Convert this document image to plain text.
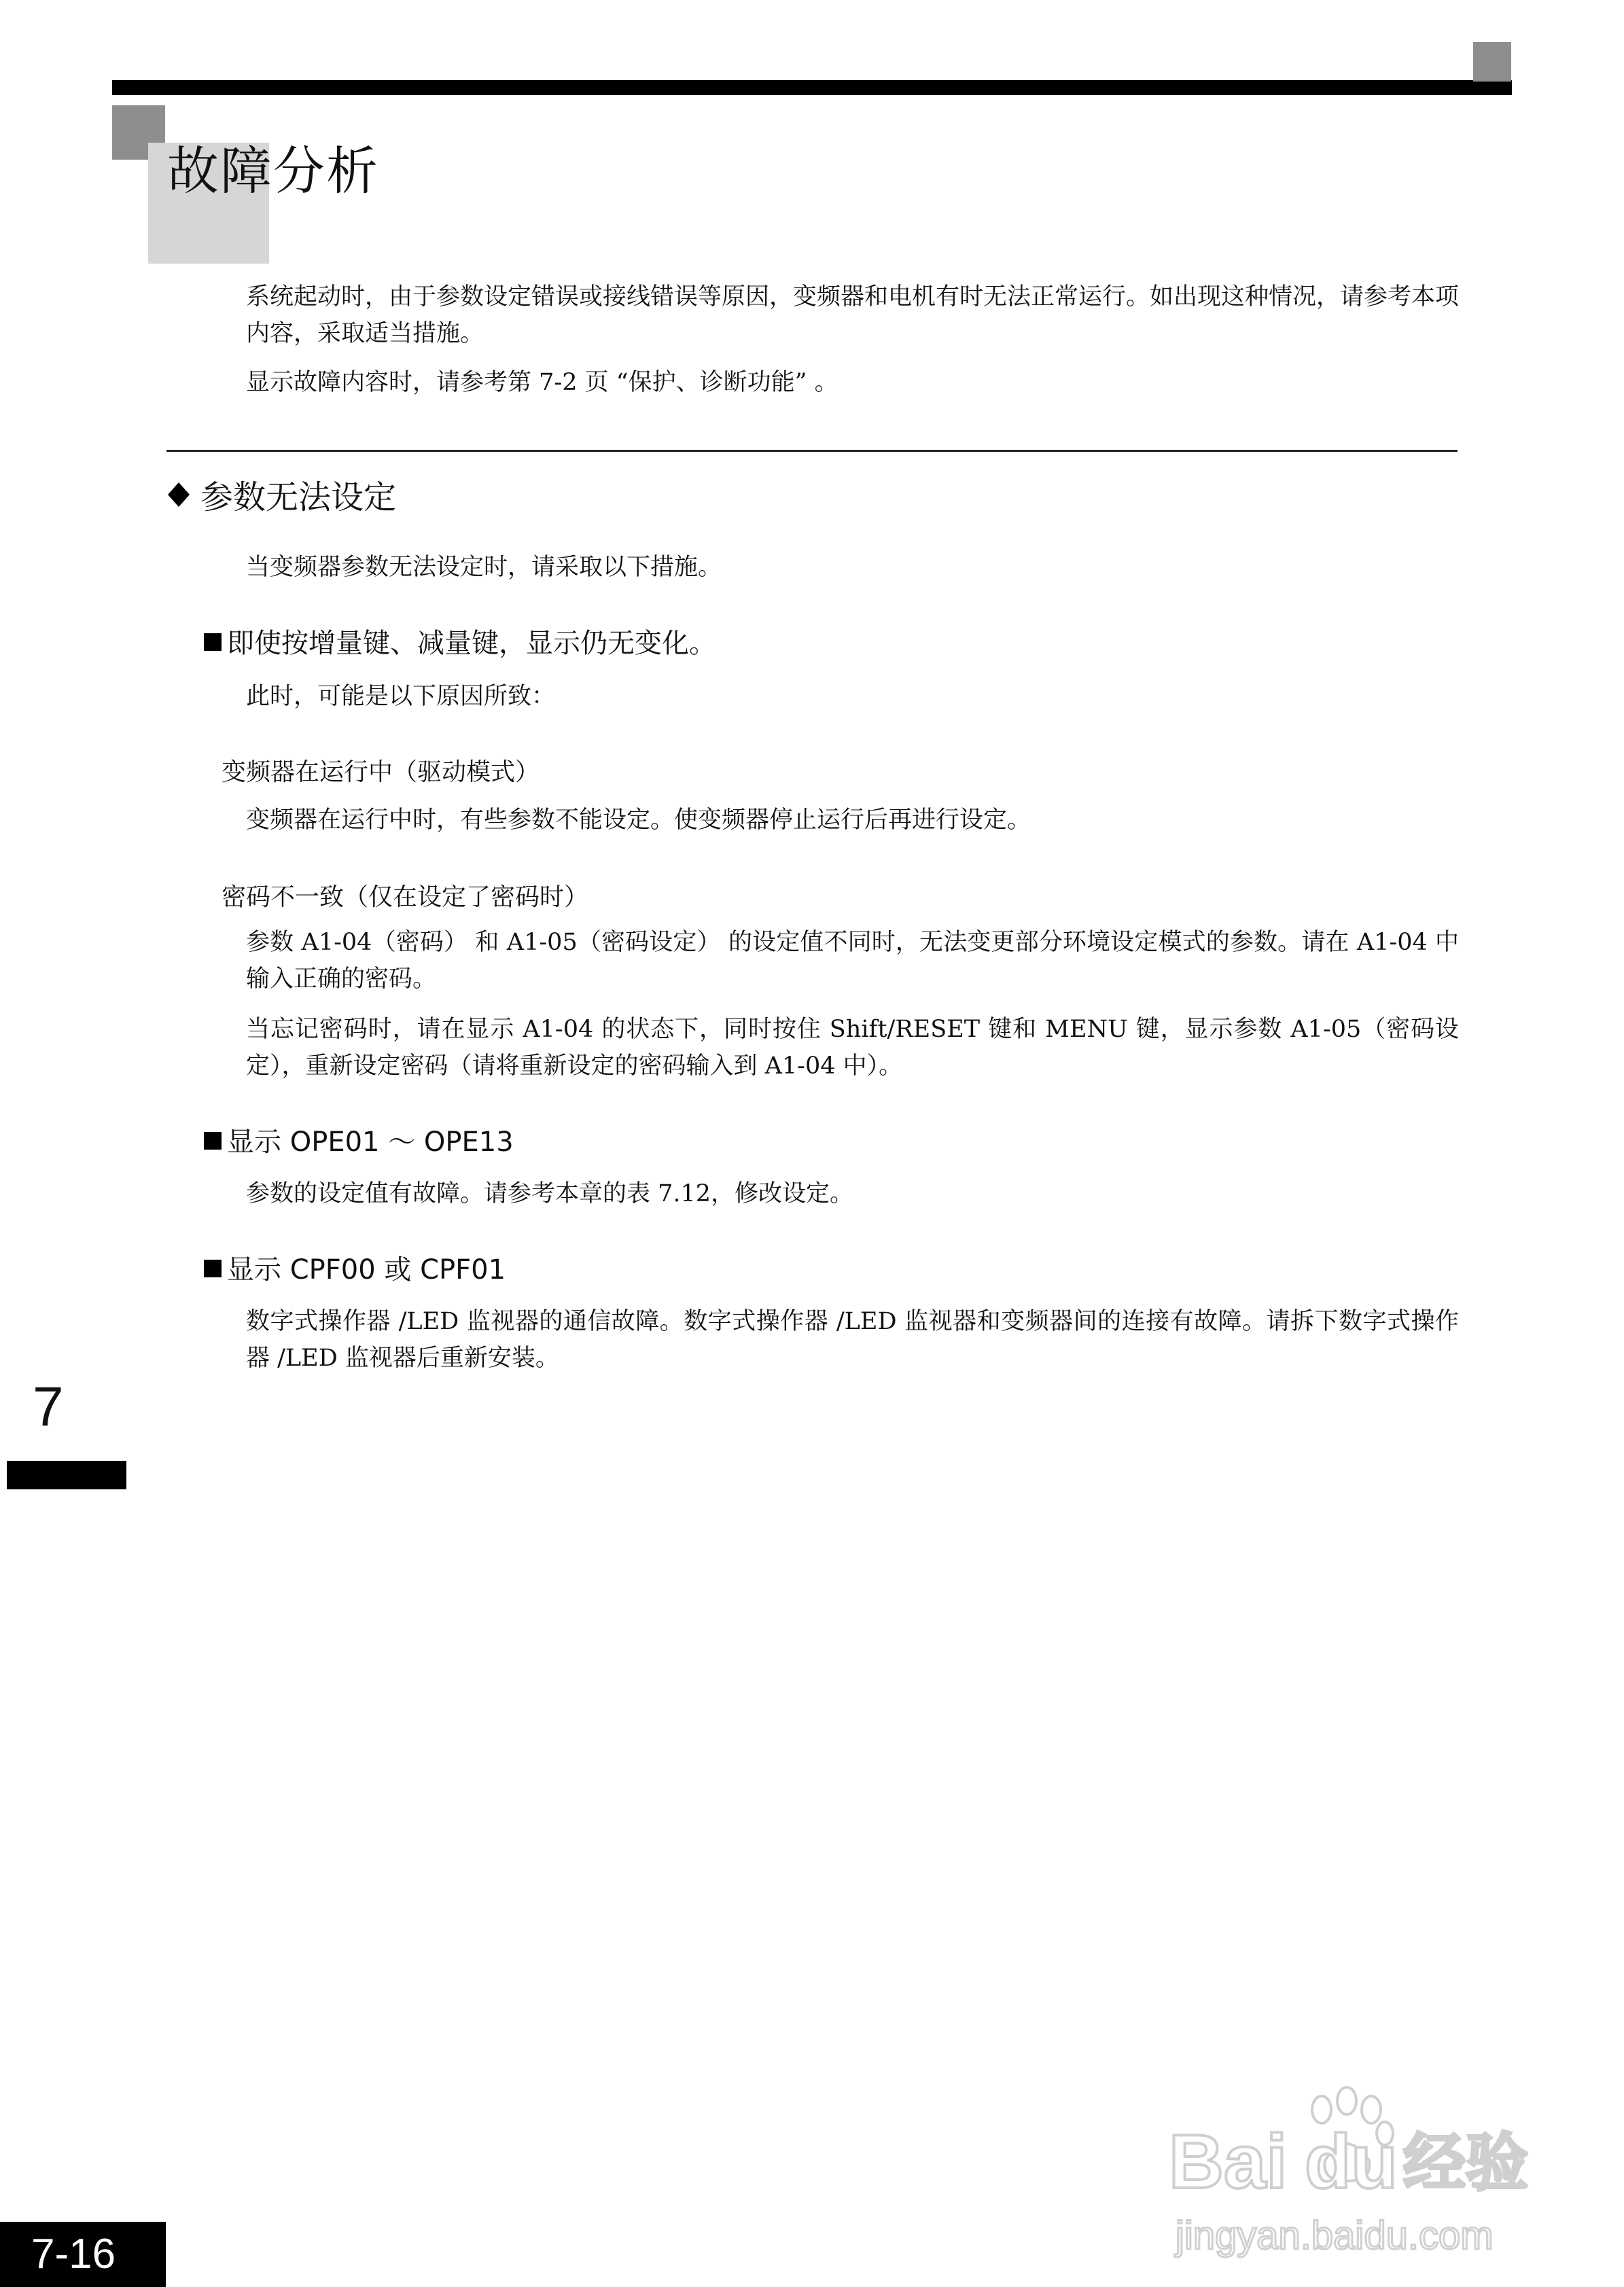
故障分析
系统起动时，由于参数设定错误或接线错误等原因，变频器和电机有时无法正常运行。如出现这种情况，请参考本项内容，采取适当措施。
显示故障内容时，请参考第 7-2 页 “保护、诊断功能” 。
参数无法设定
当变频器参数无法设定时，请采取以下措施。
即使按增量键、减量键，显示仍无变化。
此时，可能是以下原因所致：
变频器在运行中（驱动模式）
变频器在运行中时，有些参数不能设定。使变频器停止运行后再进行设定。
密码不一致（仅在设定了密码时）
参数 A1-04（密码） 和 A1-05（密码设定） 的设定值不同时，无法变更部分环境设定模式的参数。请在 A1-04 中输入正确的密码。
当忘记密码时，请在显示 A1-04 的状态下，同时按住 Shift/RESET 键和 MENU 键，显示参数 A1-05（密码设定），重新设定密码（请将重新设定的密码输入到 A1-04 中）。
显示 OPE01 ～ OPE13
参数的设定值有故障。请参考本章的表 7.12，修改设定。
显示 CPF00 或 CPF01
数字式操作器 /LED 监视器的通信故障。数字式操作器 /LED 监视器和变频器间的连接有故障。请拆下数字式操作器 /LED 监视器后重新安装。
7
7-16
Bai du 经验
jingyan.baidu.com
